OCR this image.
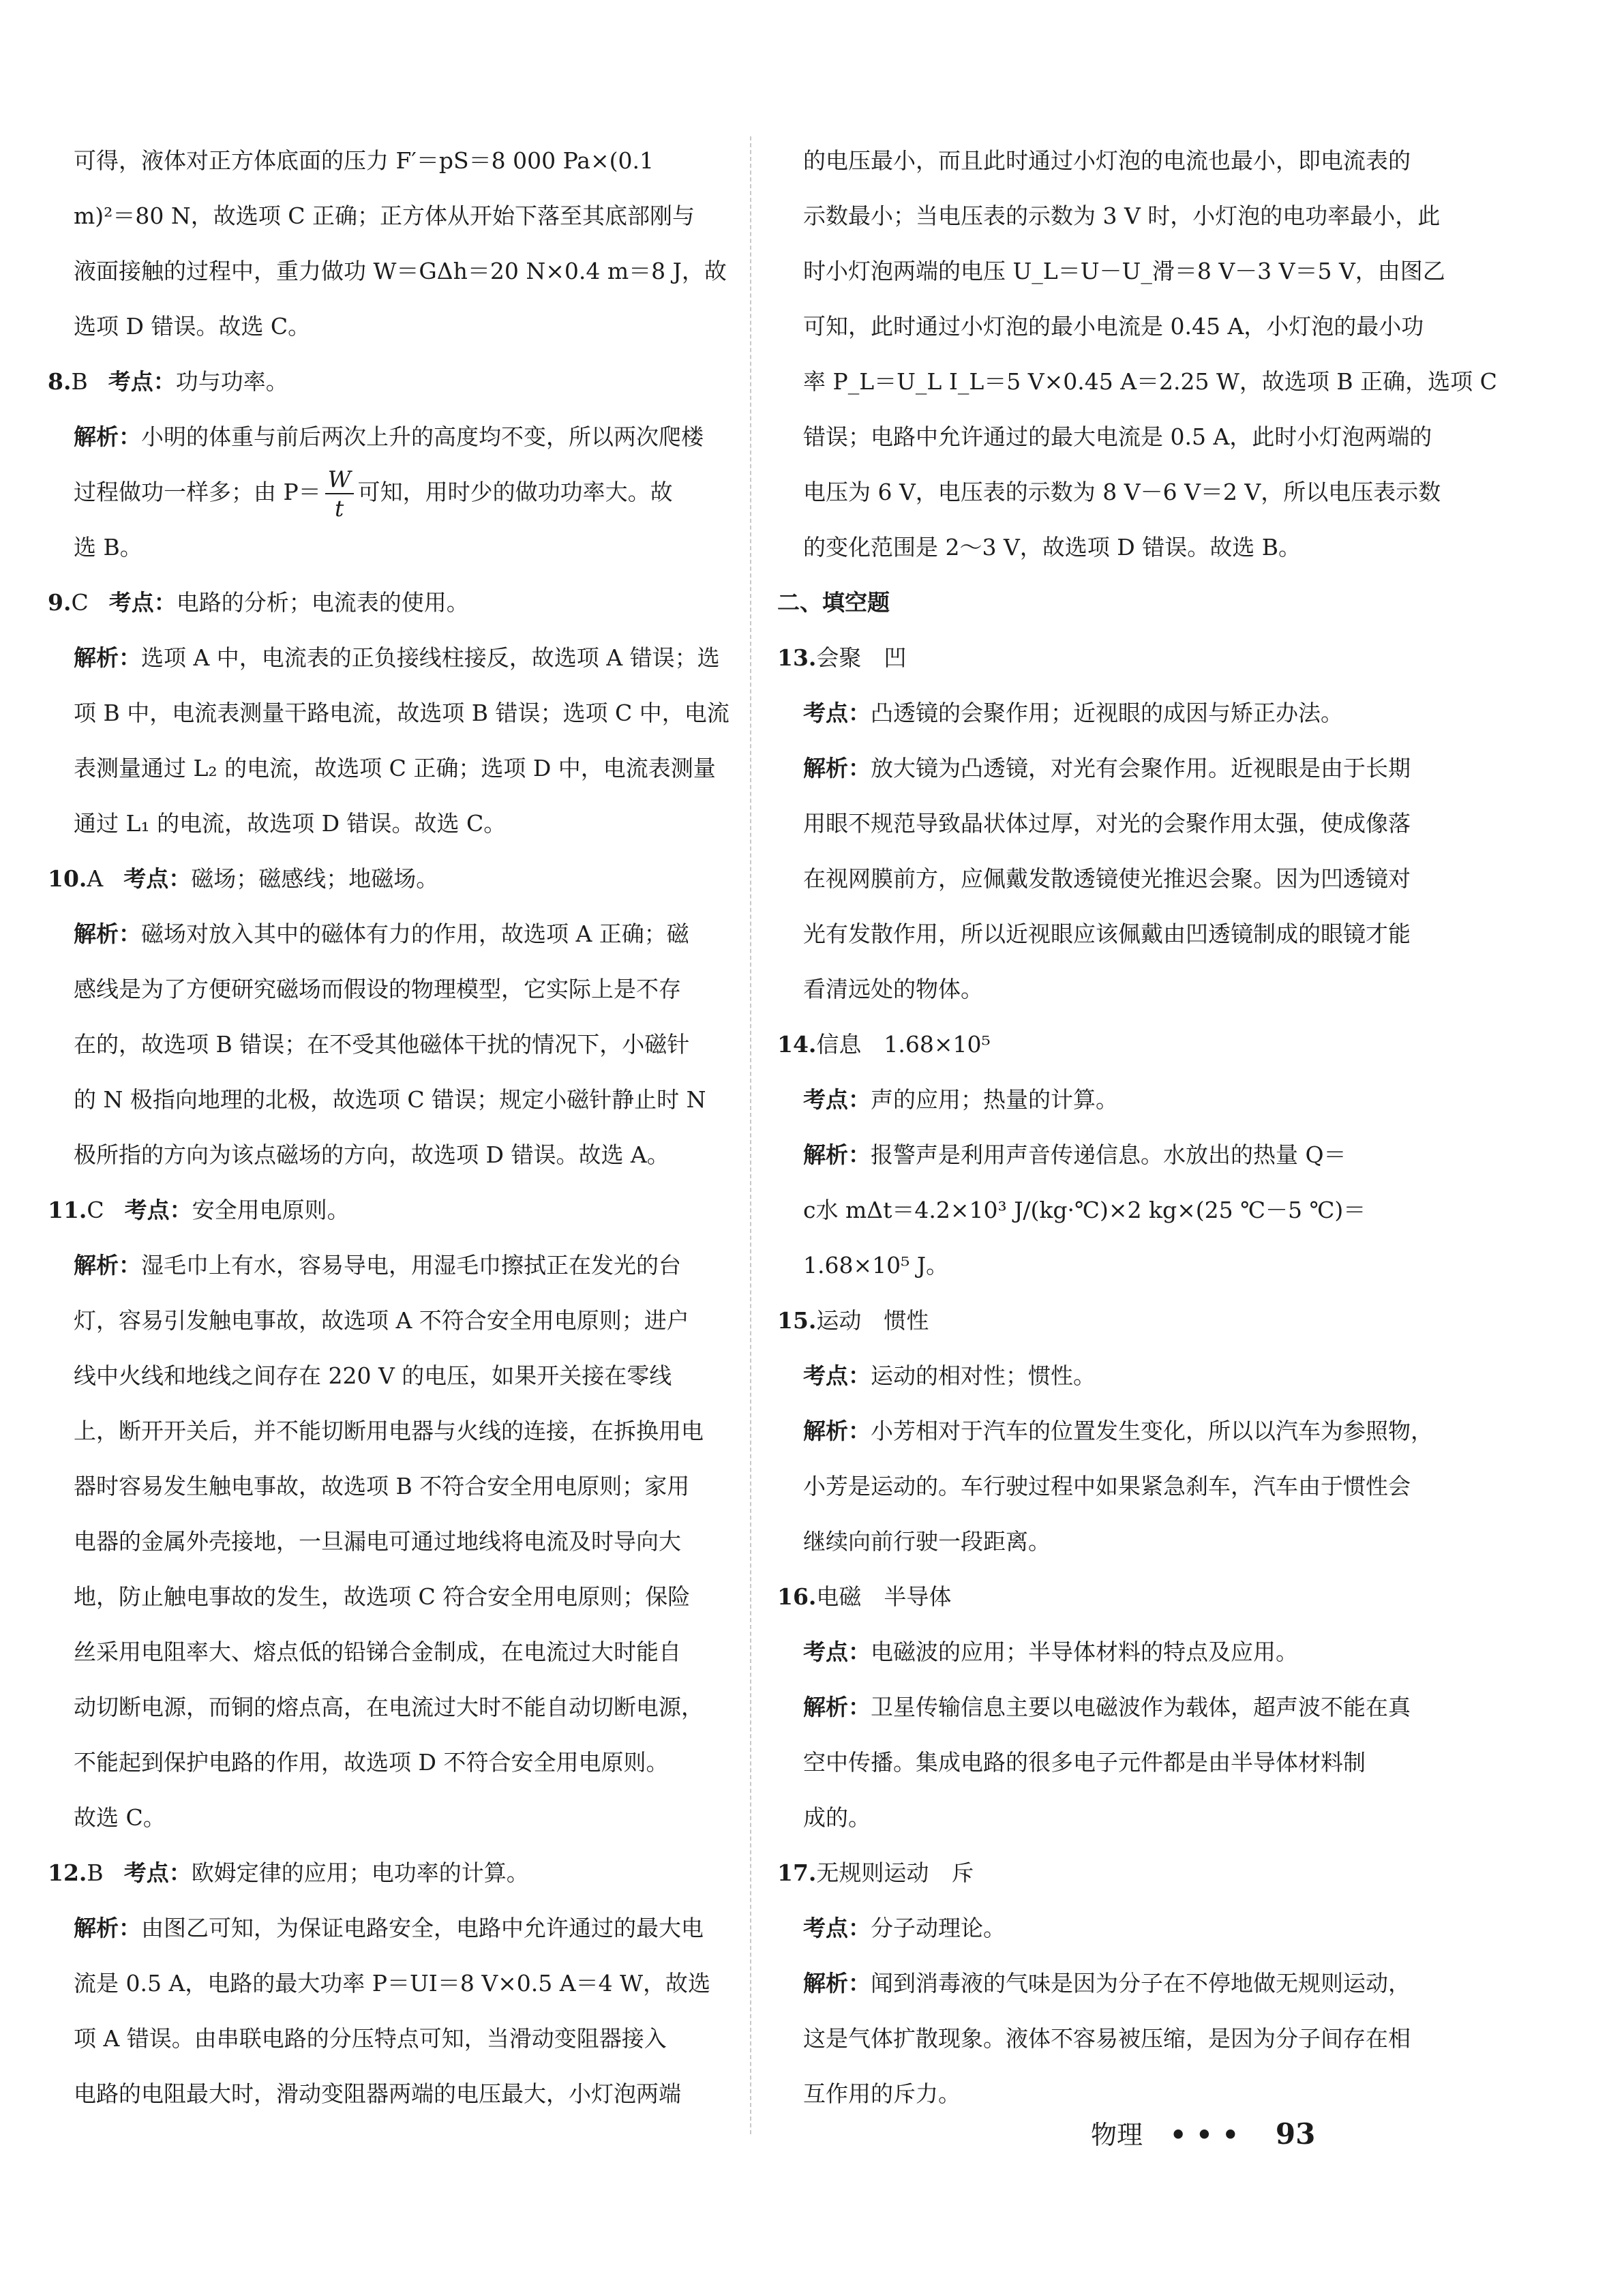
可得，液体对正方体底面的压力 F′＝pS＝8 000 Pa×(0.1
m)²＝80 N，故选项 C 正确；正方体从开始下落至其底部刚与
液面接触的过程中，重力做功 W＝GΔh＝20 N×0.4 m＝8 J，故
选项 D 错误。故选 C。
8.B 考点：功与功率。
解析：小明的体重与前后两次上升的高度均不变，所以两次爬楼
过程做功一样多；由 $P= \frac{W}{t}$ 可知，用时少的做功功率大。故
选 B。
9.C 考点：电路的分析；电流表的使用。
解析：选项 A 中，电流表的正负接线柱接反，故选项 A 错误；选
项 B 中，电流表测量干路电流，故选项 B 错误；选项 C 中，电流
表测量通过 L₂ 的电流，故选项 C 正确；选项 D 中，电流表测量
通过 L₁ 的电流，故选项 D 错误。故选 C。
10.A 考点：磁场；磁感线；地磁场。
解析：磁场对放入其中的磁体有力的作用，故选项 A 正确；磁
感线是为了方便研究磁场而假设的物理模型，它实际上是不存
在的，故选项 B 错误；在不受其他磁体干扰的情况下，小磁针
的 N 极指向地理的北极，故选项 C 错误；规定小磁针静止时 N
极所指的方向为该点磁场的方向，故选项 D 错误。故选 A。
11.C 考点：安全用电原则。
解析：湿毛巾上有水，容易导电，用湿毛巾擦拭正在发光的台
灯，容易引发触电事故，故选项 A 不符合安全用电原则；进户
线中火线和地线之间存在 220 V 的电压，如果开关接在零线
上，断开开关后，并不能切断用电器与火线的连接，在拆换用电
器时容易发生触电事故，故选项 B 不符合安全用电原则；家用
电器的金属外壳接地，一旦漏电可通过地线将电流及时导向大
地，防止触电事故的发生，故选项 C 符合安全用电原则；保险
丝采用电阻率大、熔点低的铅锑合金制成，在电流过大时能自
动切断电源，而铜的熔点高，在电流过大时不能自动切断电源，
不能起到保护电路的作用，故选项 D 不符合安全用电原则。
故选 C。
12.B 考点：欧姆定律的应用；电功率的计算。
解析：由图乙可知，为保证电路安全，电路中允许通过的最大电
流是 0.5 A，电路的最大功率 P＝UI＝8 V×0.5 A＝4 W，故选
项 A 错误。由串联电路的分压特点可知，当滑动变阻器接入
电路的电阻最大时，滑动变阻器两端的电压最大，小灯泡两端
的电压最小，而且此时通过小灯泡的电流也最小，即电流表的
示数最小；当电压表的示数为 3 V 时，小灯泡的电功率最小，此
时小灯泡两端的电压 U_L＝U－U_滑＝8 V－3 V＝5 V，由图乙
可知，此时通过小灯泡的最小电流是 0.45 A，小灯泡的最小功
率 P_L＝U_L I_L＝5 V×0.45 A＝2.25 W，故选项 B 正确，选项 C
错误；电路中允许通过的最大电流是 0.5 A，此时小灯泡两端的
电压为 6 V，电压表的示数为 8 V－6 V＝2 V，所以电压表示数
的变化范围是 2～3 V，故选项 D 错误。故选 B。
二、填空题
13.会聚　凹
考点：凸透镜的会聚作用；近视眼的成因与矫正办法。
解析：放大镜为凸透镜，对光有会聚作用。近视眼是由于长期
用眼不规范导致晶状体过厚，对光的会聚作用太强，使成像落
在视网膜前方，应佩戴发散透镜使光推迟会聚。因为凹透镜对
光有发散作用，所以近视眼应该佩戴由凹透镜制成的眼镜才能
看清远处的物体。
14.信息　1.68×10⁵
考点：声的应用；热量的计算。
解析：报警声是利用声音传递信息。水放出的热量 Q＝
c水 mΔt＝4.2×10³ J/(kg·℃)×2 kg×(25 ℃－5 ℃)＝
1.68×10⁵ J。
15.运动　惯性
考点：运动的相对性；惯性。
解析：小芳相对于汽车的位置发生变化，所以以汽车为参照物，
小芳是运动的。车行驶过程中如果紧急刹车，汽车由于惯性会
继续向前行驶一段距离。
16.电磁　半导体
考点：电磁波的应用；半导体材料的特点及应用。
解析：卫星传输信息主要以电磁波作为载体，超声波不能在真
空中传播。集成电路的很多电子元件都是由半导体材料制
成的。
17.无规则运动　斥
考点：分子动理论。
解析：闻到消毒液的气味是因为分子在不停地做无规则运动，
这是气体扩散现象。液体不容易被压缩，是因为分子间存在相
互作用的斥力。
物理 ••• 93
